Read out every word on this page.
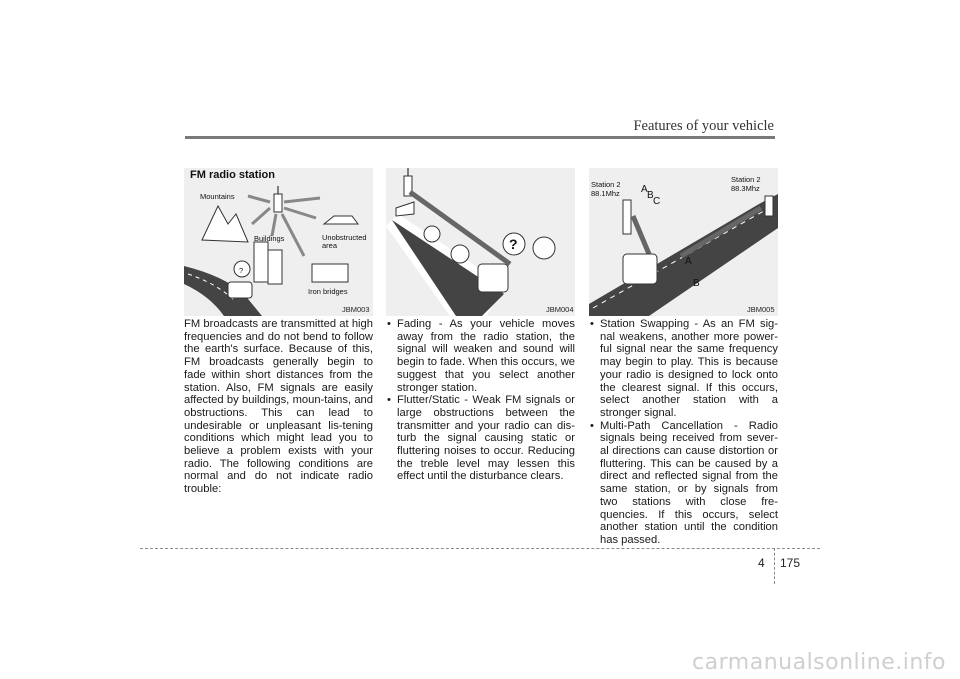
Features of your vehicle
FM radio station
Mountains
Buildings	Unobstructed
area
Iron bridges
?
JBM003
?
JBM004
Station 2
88.1Mhz
Station 2
88.3Mhz
A
B
C
A
B
JBM005

FM broadcasts are transmitted at high frequencies and do not bend to follow the earth's surface. Because of this, FM broadcasts generally begin to fade within short distances from the station. Also, FM signals are easily affected by buildings, moun-tains, and obstructions. This can lead to undesirable or unpleasant lis-tening conditions which might lead you to believe a problem exists with your radio. The following conditions are normal and do not indicate radio trouble:

• Fading - As your vehicle moves away from the radio station, the signal will weaken and sound will begin to fade. When this occurs, we suggest that you select another stronger station.
• Flutter/Static - Weak FM signals or large obstructions between the transmitter and your radio can dis-turb the signal causing static or fluttering noises to occur. Reducing the treble level may lessen this effect until the disturbance clears.
• Station Swapping - As an FM sig-nal weakens, another more power-ful signal near the same frequency may begin to play. This is because your radio is designed to lock onto the clearest signal. If this occurs, select another station with a stronger signal.
• Multi-Path Cancellation - Radio signals being received from sever-al directions can cause distortion or fluttering. This can be caused by a direct and reflected signal from the same station, or by signals from two stations with close fre-quencies. If this occurs, select another station until the condition has passed.
4 175
carmanualsonline.info
